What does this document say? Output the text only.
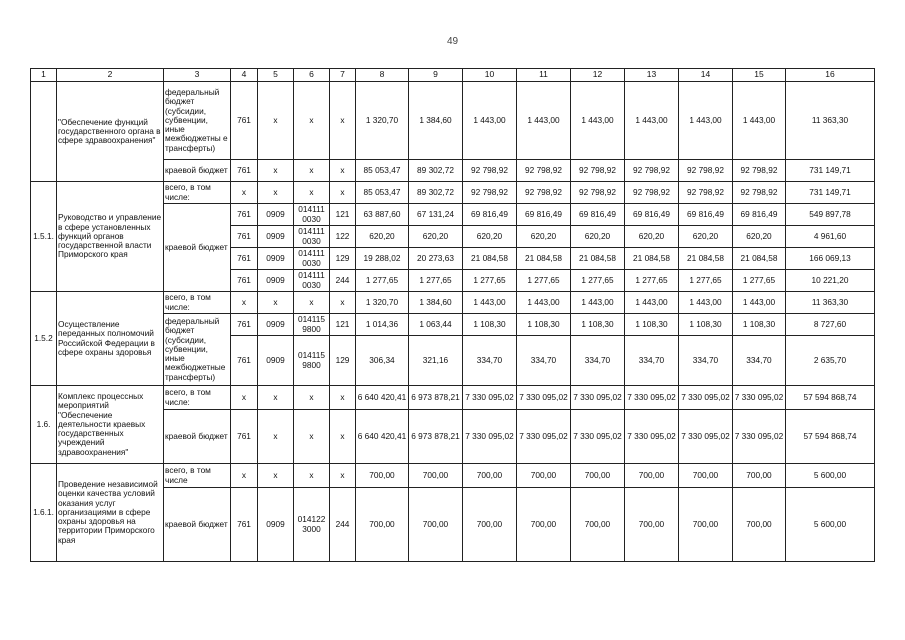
49
1	2	3	4	5	6	7	8	9	10	11	12	13	14	15	16
	"Обеспечение функций государственного органа в сфере здравоохранения"	федеральный бюджет (субсидии, субвенции, иные межбюджетны е трансферты)	761	х	х	х	1 320,70	1 384,60	1 443,00	1 443,00	1 443,00	1 443,00	1 443,00	1 443,00	11 363,30
		краевой бюджет	761	х	х	х	85 053,47	89 302,72	92 798,92	92 798,92	92 798,92	92 798,92	92 798,92	92 798,92	731 149,71
1.5.1.	Руководство и управление в сфере установленных функций органов государственной власти Приморского края	всего, в том числе:	х	х	х	х	85 053,47	89 302,72	92 798,92	92 798,92	92 798,92	92 798,92	92 798,92	92 798,92	731 149,71
		краевой бюджет	761	0909	014111 0030	121	63 887,60	67 131,24	69 816,49	69 816,49	69 816,49	69 816,49	69 816,49	69 816,49	549 897,78
			761	0909	014111 0030	122	620,20	620,20	620,20	620,20	620,20	620,20	620,20	620,20	4 961,60
			761	0909	014111 0030	129	19 288,02	20 273,63	21 084,58	21 084,58	21 084,58	21 084,58	21 084,58	21 084,58	166 069,13
			761	0909	014111 0030	244	1 277,65	1 277,65	1 277,65	1 277,65	1 277,65	1 277,65	1 277,65	1 277,65	10 221,20
1.5.2	Осуществление переданных полномочий Российской Федерации в сфере охраны здоровья	всего, в том числе:	х	х	х	х	1 320,70	1 384,60	1 443,00	1 443,00	1 443,00	1 443,00	1 443,00	1 443,00	11 363,30
		федеральный бюджет (субсидии, субвенции, иные межбюджетные трансферты)	761	0909	014115 9800	121	1 014,36	1 063,44	1 108,30	1 108,30	1 108,30	1 108,30	1 108,30	1 108,30	8 727,60
			761	0909	014115 9800	129	306,34	321,16	334,70	334,70	334,70	334,70	334,70	334,70	2 635,70
1.6.	Комплекс процессных мероприятий "Обеспечение деятельности краевых государственных учреждений здравоохранения"	всего, в том числе:	х	х	х	х	6 640 420,41	6 973 878,21	7 330 095,02	7 330 095,02	7 330 095,02	7 330 095,02	7 330 095,02	7 330 095,02	57 594 868,74
		краевой бюджет	761	х	х	х	6 640 420,41	6 973 878,21	7 330 095,02	7 330 095,02	7 330 095,02	7 330 095,02	7 330 095,02	7 330 095,02	57 594 868,74
1.6.1.	Проведение независимой оценки качества условий оказания услуг организациями в сфере охраны здоровья на территории Приморского края	всего, в том числе	х	х	х	х	700,00	700,00	700,00	700,00	700,00	700,00	700,00	700,00	5 600,00
		краевой бюджет	761	0909	014122 3000	244	700,00	700,00	700,00	700,00	700,00	700,00	700,00	700,00	5 600,00
